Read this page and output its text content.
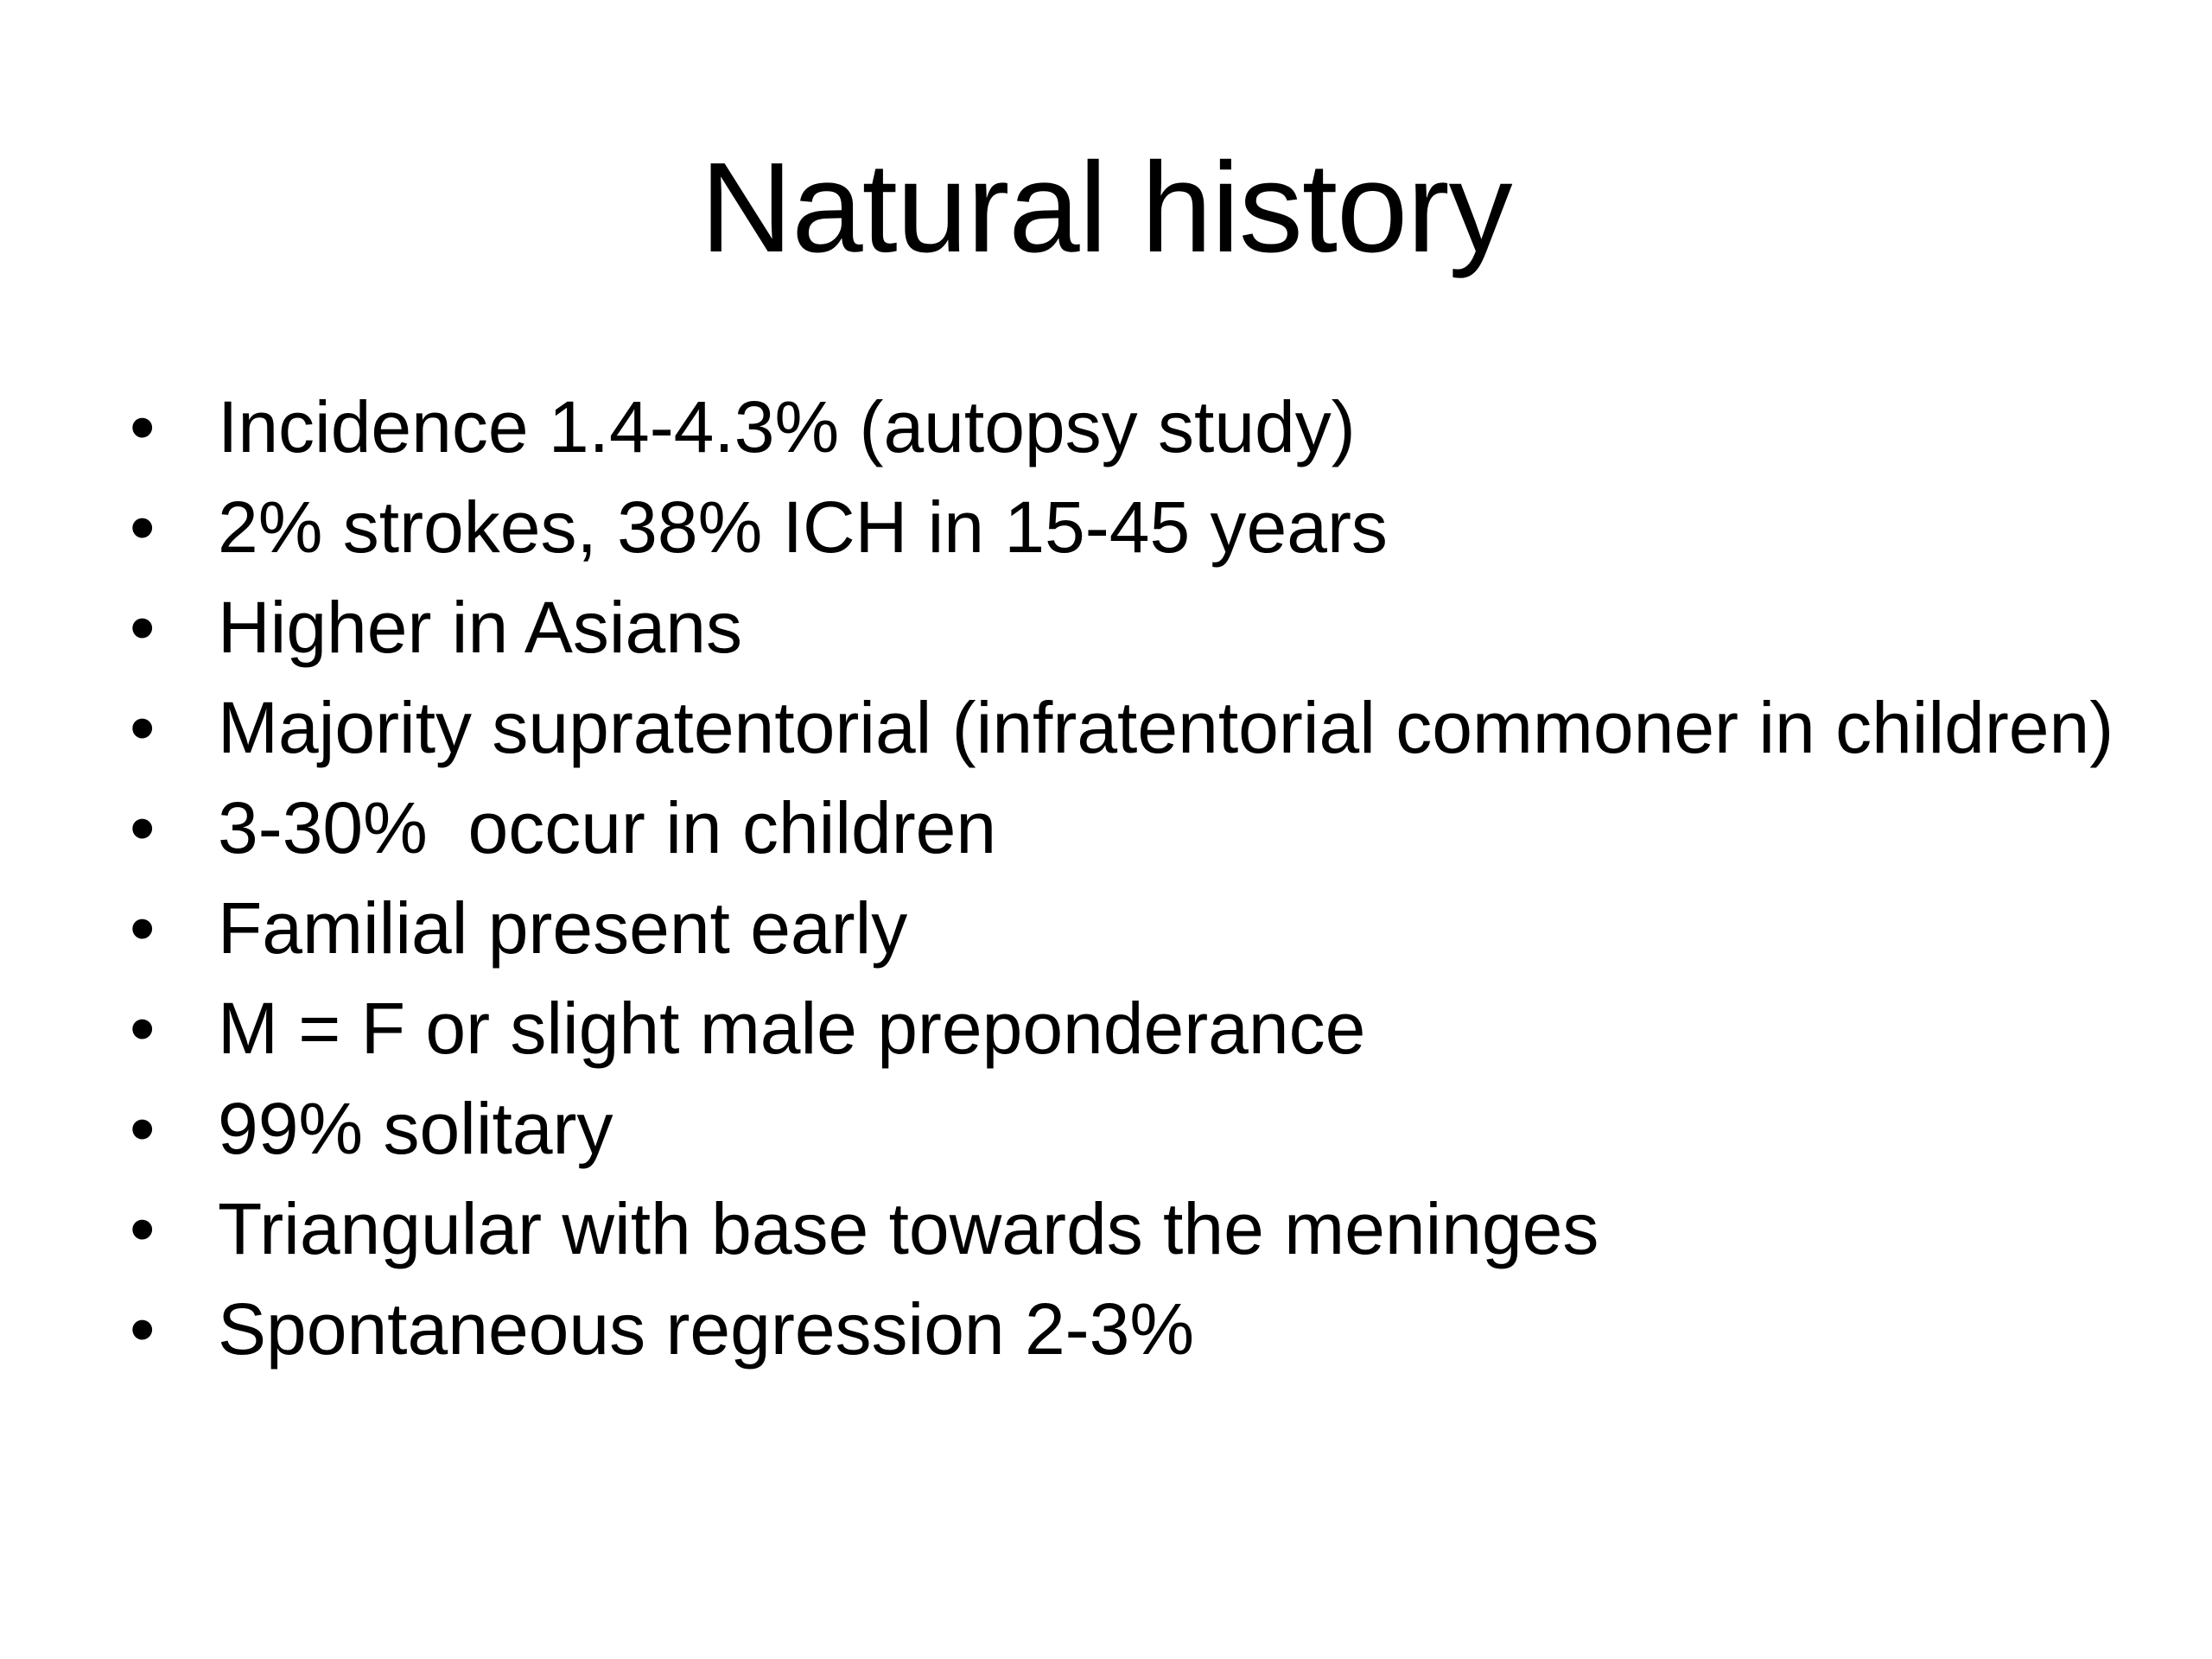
Natural history
• Incidence 1.4-4.3% (autopsy study)
• 2% strokes, 38% ICH in 15-45 years
• Higher in Asians
• Majority supratentorial (infratentorial commoner in children)
• 3-30%  occur in children
• Familial present early
• M = F or slight male preponderance
• 99% solitary
• Triangular with base towards the meninges
• Spontaneous regression 2-3%
